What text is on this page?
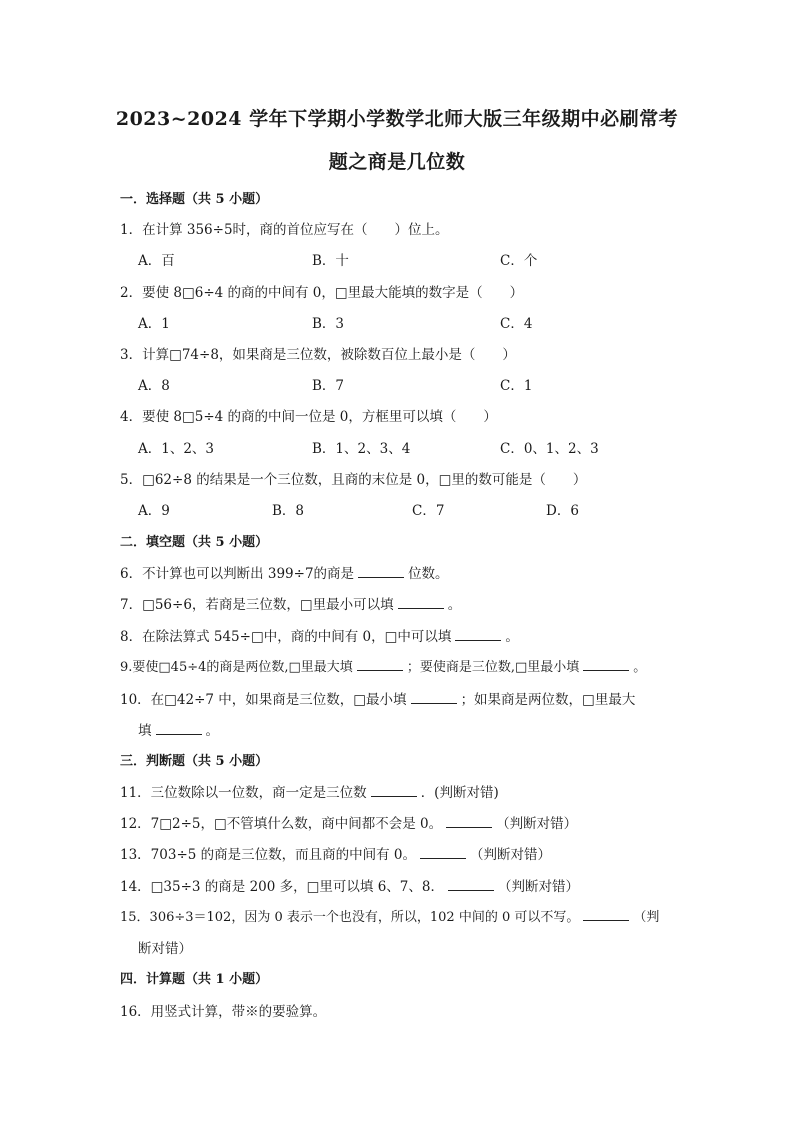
2023~2024 学年下学期小学数学北师大版三年级期中必刷常考
题之商是几位数
一．选择题（共 5 小题）
1．在计算 356÷5时，商的首位应写在（　　）位上。
A．百	B．十	C．个
2．要使 8□6÷4 的商的中间有 0，□里最大能填的数字是（　　）
A．1	B．3	C．4
3．计算□74÷8，如果商是三位数，被除数百位上最小是（　　）
A．8	B．7	C．1
4．要使 8□5÷4 的商的中间一位是 0，方框里可以填（　　）
A．1、2、3	B．1、2、3、4	C．0、1、2、3
5．□62÷8 的结果是一个三位数，且商的末位是 0，□里的数可能是（　　）
A．9	B．8	C．7	D．6
二．填空题（共 5 小题）
6．不计算也可以判断出 399÷7的商是	位数。
7．□56÷6，若商是三位数，□里最小可以填	。
8．在除法算式 545÷□中，商的中间有 0，□中可以填	。
9.要使□45÷4的商是两位数,□里最大填	；要使商是三位数,□里最小填	。
10．在□42÷7 中，如果商是三位数，□最小填	；如果商是两位数，□里最大
填	。
三．判断题（共 5 小题）
11．三位数除以一位数，商一定是三位数	．(判断对错)
12．7□2÷5，□不管填什么数，商中间都不会是 0。	（判断对错）
13．703÷5 的商是三位数，而且商的中间有 0。	（判断对错）
14．□35÷3 的商是 200 多，□里可以填 6、7、8．	（判断对错）
15．306÷3＝102，因为 0 表示一个也没有，所以，102 中间的 0 可以不写。	（判
断对错）
四．计算题（共 1 小题）
16．用竖式计算，带※的要验算。
